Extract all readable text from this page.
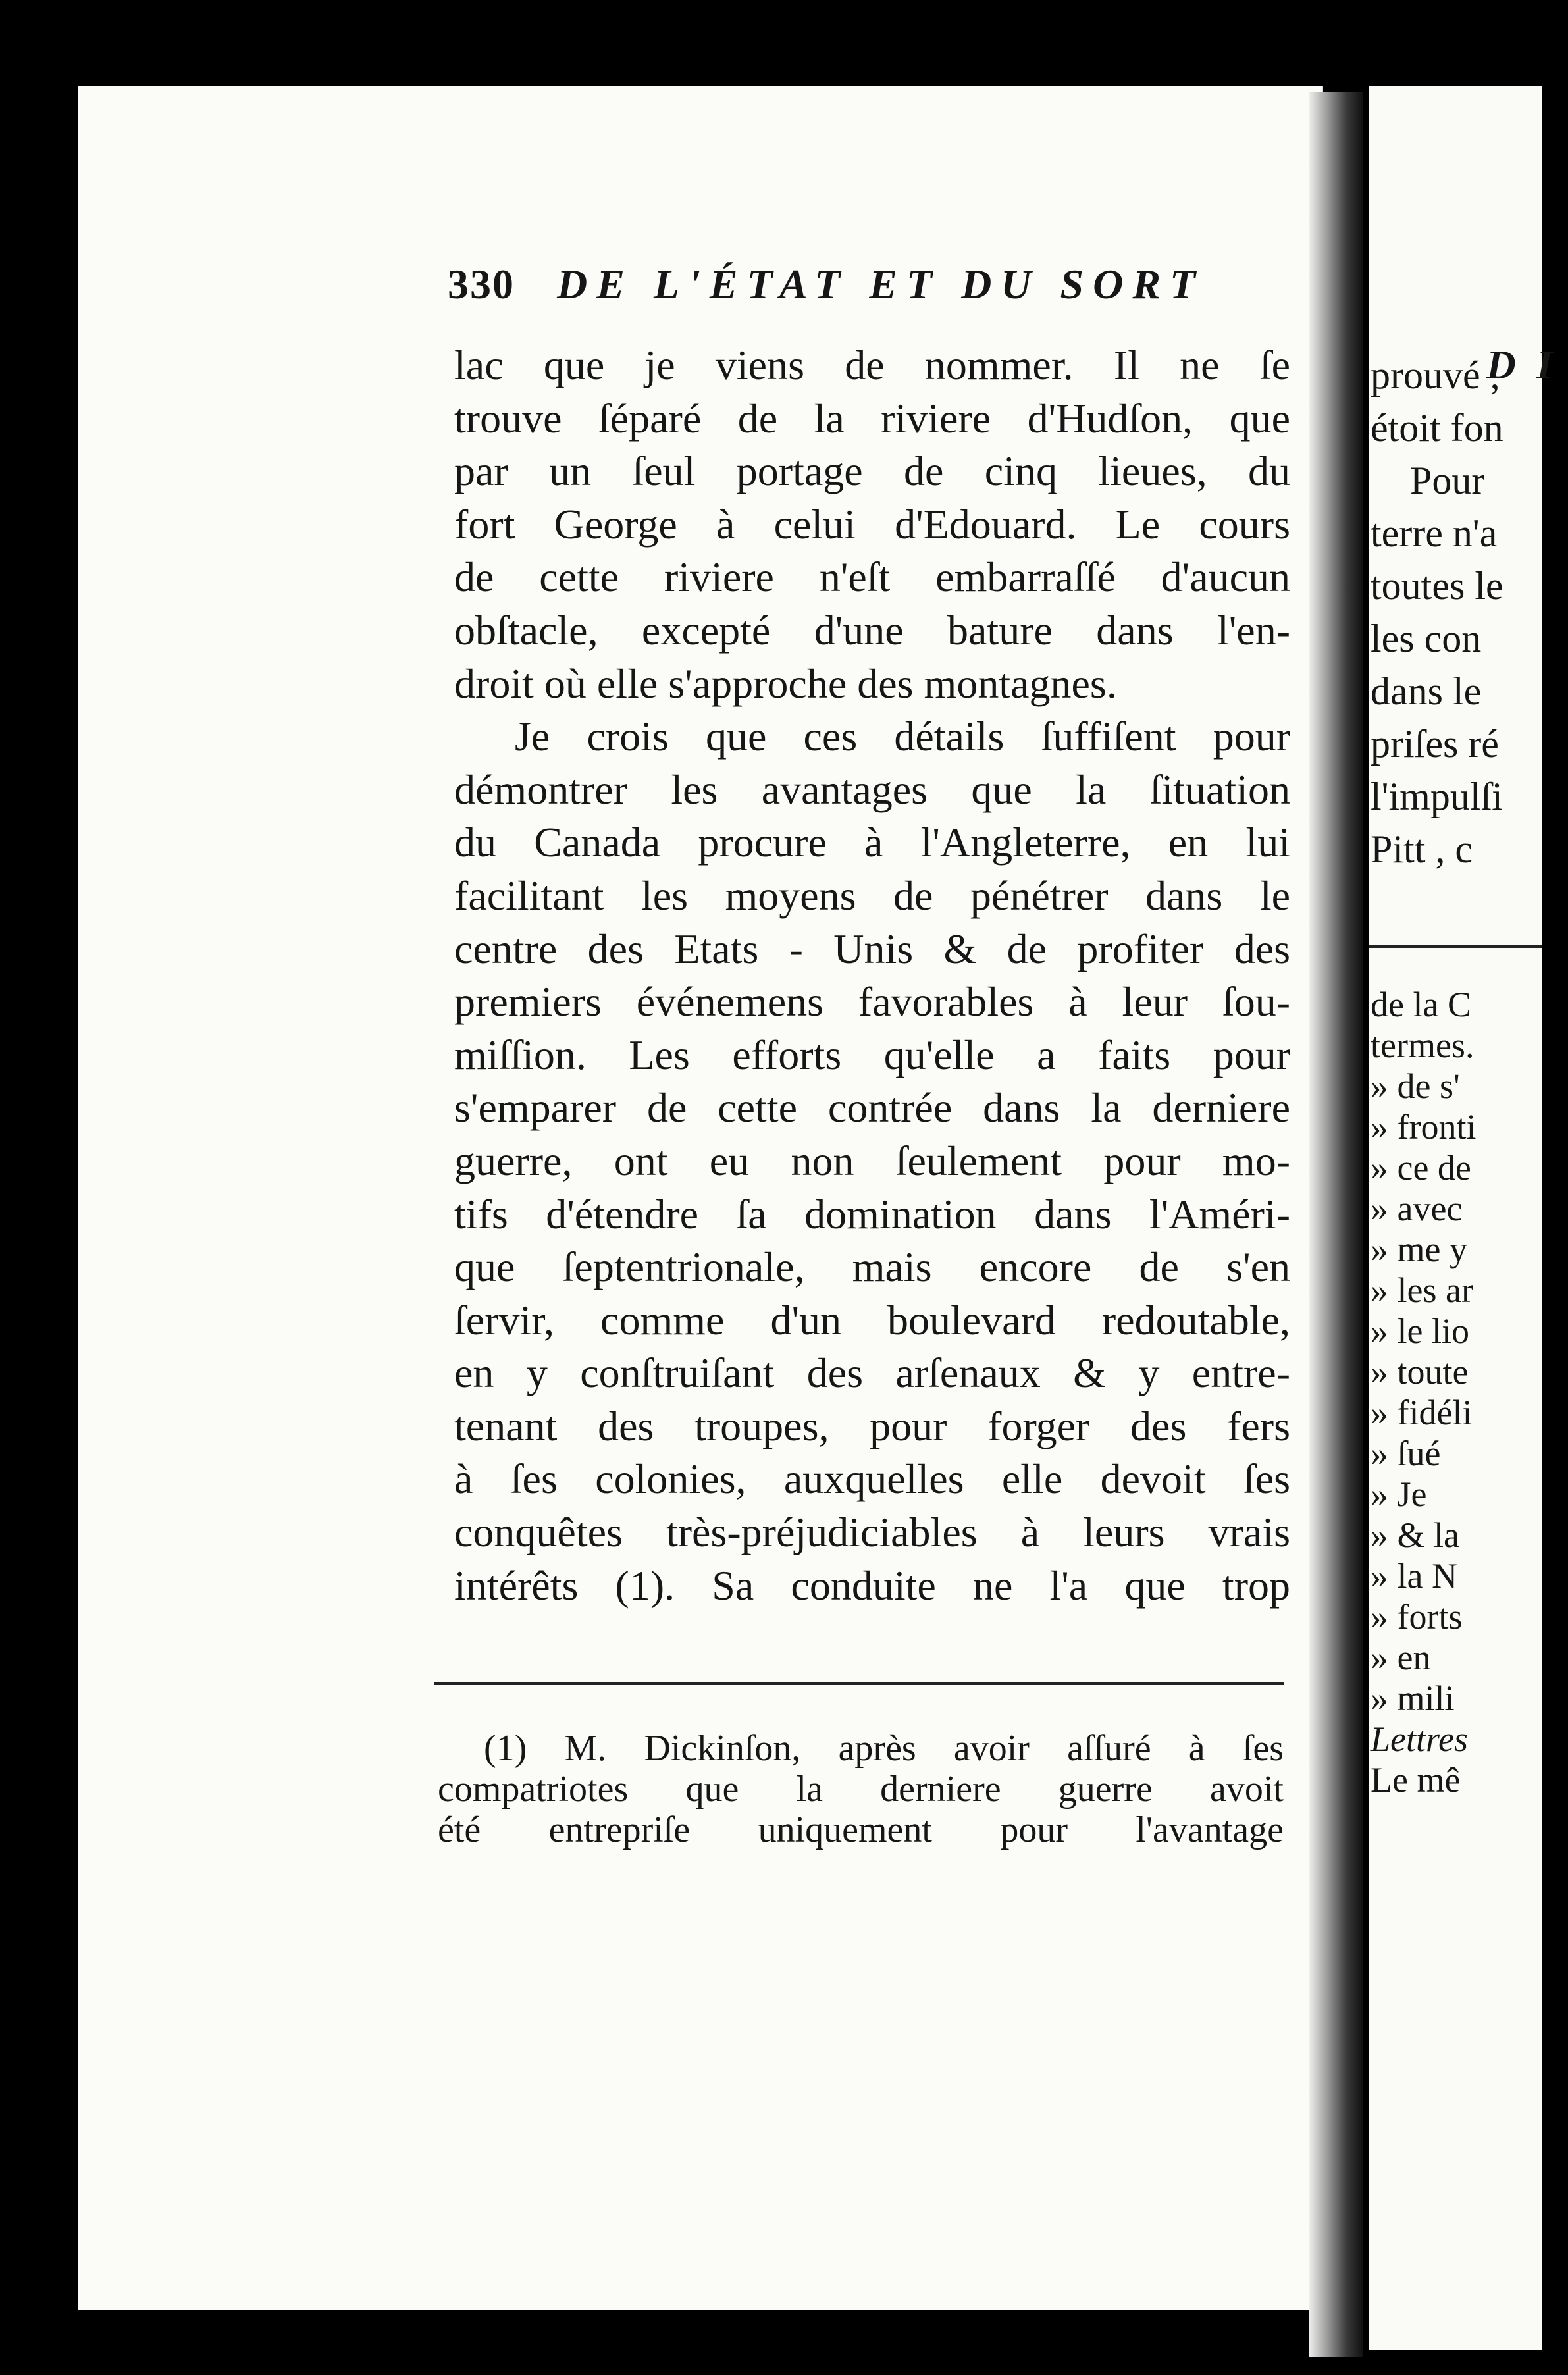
330 DE L'ÉTAT ET DU SORT
lac que je viens de nommer. Il ne ſe
trouve ſéparé de la riviere d'Hudſon, que
par un ſeul portage de cinq lieues, du
fort George à celui d'Edouard. Le cours
de cette riviere n'eſt embarraſſé d'aucun
obſtacle, excepté d'une bature dans l'en-
droit où elle s'approche des montagnes.
Je crois que ces détails ſuffiſent pour
démontrer les avantages que la ſituation
du Canada procure à l'Angleterre, en lui
facilitant les moyens de pénétrer dans le
centre des Etats - Unis & de profiter des
premiers événemens favorables à leur ſou-
miſſion. Les efforts qu'elle a faits pour
s'emparer de cette contrée dans la derniere
guerre, ont eu non ſeulement pour mo-
tifs d'étendre ſa domination dans l'Améri-
que ſeptentrionale, mais encore de s'en
ſervir, comme d'un boulevard redoutable,
en y conſtruiſant des arſenaux & y entre-
tenant des troupes, pour forger des fers
à ſes colonies, auxquelles elle devoit ſes
conquêtes très-préjudiciables à leurs vrais
intérêts (1). Sa conduite ne l'a que trop
(1) M. Dickinſon, après avoir aſſuré à ſes
compatriotes que la derniere guerre avoit
été entrepriſe uniquement pour l'avantage
D I
prouvé ,
étoit fon
Pour
terre n'a
toutes le
les con
dans le
priſes ré
l'impulſi
Pitt , c
de la C
termes.
» de s'
» fronti
» ce de
» avec
» me y
» les ar
» le lio
» toute
» fidéli
» ſué
» Je
» & la
» la N
» forts
» en
» mili
Lettres
Le mê
